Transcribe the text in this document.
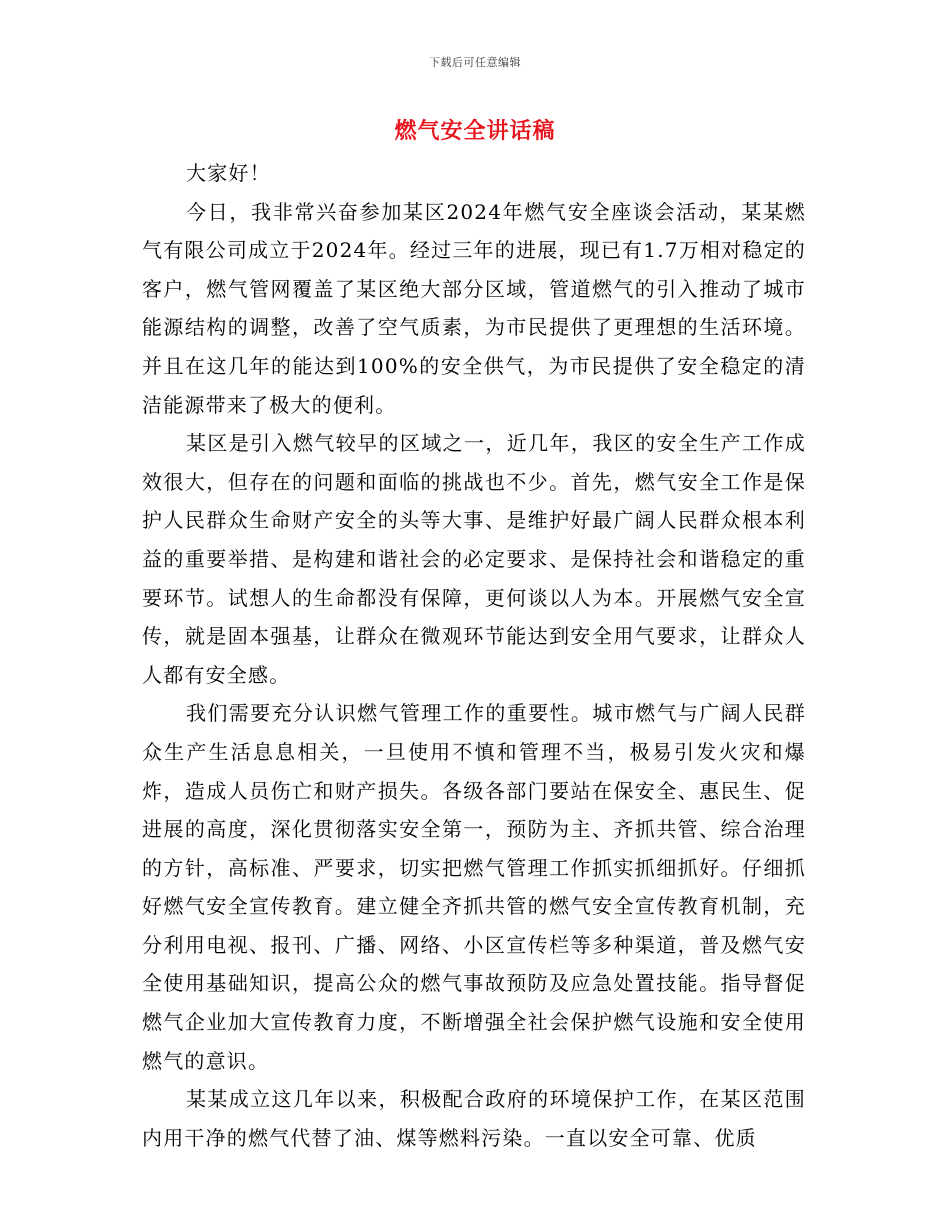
下载后可任意编辑
燃气安全讲话稿

大家好！

今日，我非常兴奋参加某区2024年燃气安全座谈会活动，某某燃气有限公司成立于2024年。经过三年的进展，现已有1.7万相对稳定的客户，燃气管网覆盖了某区绝大部分区域，管道燃气的引入推动了城市能源结构的调整，改善了空气质素，为市民提供了更理想的生活环境。并且在这几年的能达到100%的安全供气，为市民提供了安全稳定的清洁能源带来了极大的便利。

某区是引入燃气较早的区域之一，近几年，我区的安全生产工作成效很大，但存在的问题和面临的挑战也不少。首先，燃气安全工作是保护人民群众生命财产安全的头等大事、是维护好最广阔人民群众根本利益的重要举措、是构建和谐社会的必定要求、是保持社会和谐稳定的重要环节。试想人的生命都没有保障，更何谈以人为本。开展燃气安全宣传，就是固本强基，让群众在微观环节能达到安全用气要求，让群众人人都有安全感。

我们需要充分认识燃气管理工作的重要性。城市燃气与广阔人民群众生产生活息息相关，一旦使用不慎和管理不当，极易引发火灾和爆炸，造成人员伤亡和财产损失。各级各部门要站在保安全、惠民生、促进展的高度，深化贯彻落实安全第一，预防为主、齐抓共管、综合治理的方针，高标准、严要求，切实把燃气管理工作抓实抓细抓好。仔细抓好燃气安全宣传教育。建立健全齐抓共管的燃气安全宣传教育机制，充分利用电视、报刊、广播、网络、小区宣传栏等多种渠道，普及燃气安全使用基础知识，提高公众的燃气事故预防及应急处置技能。指导督促燃气企业加大宣传教育力度，不断增强全社会保护燃气设施和安全使用燃气的意识。

某某成立这几年以来，积极配合政府的环境保护工作，在某区范围内用干净的燃气代替了油、煤等燃料污染。一直以安全可靠、优质
